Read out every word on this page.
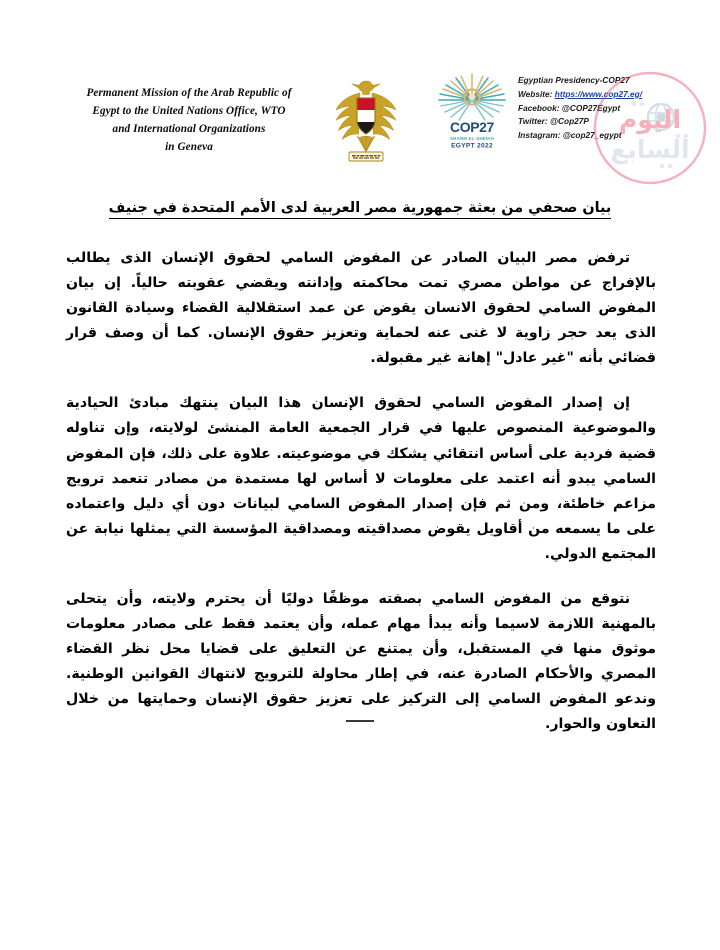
Permanent Mission of the Arab Republic of
Egypt to the United Nations Office, WTO
and International Organizations
in Geneva
COP27
SHARM EL-SHEIKH
EGYPT 2022
Egyptian Presidency-COP27
Website: https://www.cop27.eg/
Facebook: @COP27Egypt
Twitter: @Cop27P
Instagram: @cop27_egypt
اليوم
السابع
بيان صحفي من بعثة جمهورية مصر العربية لدى الأمم المتحدة في جنيف

ترفض مصر البيان الصادر عن المفوض السامي لحقوق الإنسان الذى يطالب بالإفراج عن مواطن مصري تمت محاكمته وإدانته ويقضي عقوبته حالياً. إن بيان المفوض السامي لحقوق الانسان يقوض عن عمد استقلالية القضاء وسيادة القانون الذى يعد حجر زاوية لا غنى عنه لحماية وتعزيز حقوق الإنسان. كما أن وصف قرار قضائي بأنه "غير عادل" إهانة غير مقبولة.

إن إصدار المفوض السامي لحقوق الإنسان هذا البيان ينتهك مبادئ الحيادية والموضوعية المنصوص عليها في قرار الجمعية العامة المنشئ لولايته، وإن تناوله قضية فردية على أساس انتقائي يشكك في موضوعيته. علاوة على ذلك، فإن المفوض السامي يبدو أنه اعتمد على معلومات لا أساس لها مستمدة من مصادر تتعمد ترويج مزاعم خاطئة، ومن ثم فإن إصدار المفوض السامي لبيانات دون أي دليل واعتماده على ما يسمعه من أقاويل يقوض مصداقيته ومصداقية المؤسسة التي يمثلها نيابة عن المجتمع الدولي.

نتوقع من المفوض السامي بصفته موظفًا دوليًا أن يحترم ولايته، وأن يتحلى بالمهنية اللازمة لاسيما وأنه يبدأ مهام عمله، وأن يعتمد فقط على مصادر معلومات موثوق منها في المستقبل، وأن يمتنع عن التعليق على قضايا محل نظر القضاء المصري والأحكام الصادرة عنه، في إطار محاولة للترويج لانتهاك القوانين الوطنية. وندعو المفوض السامي إلى التركيز على تعزيز حقوق الإنسان وحمايتها من خلال التعاون والحوار.
